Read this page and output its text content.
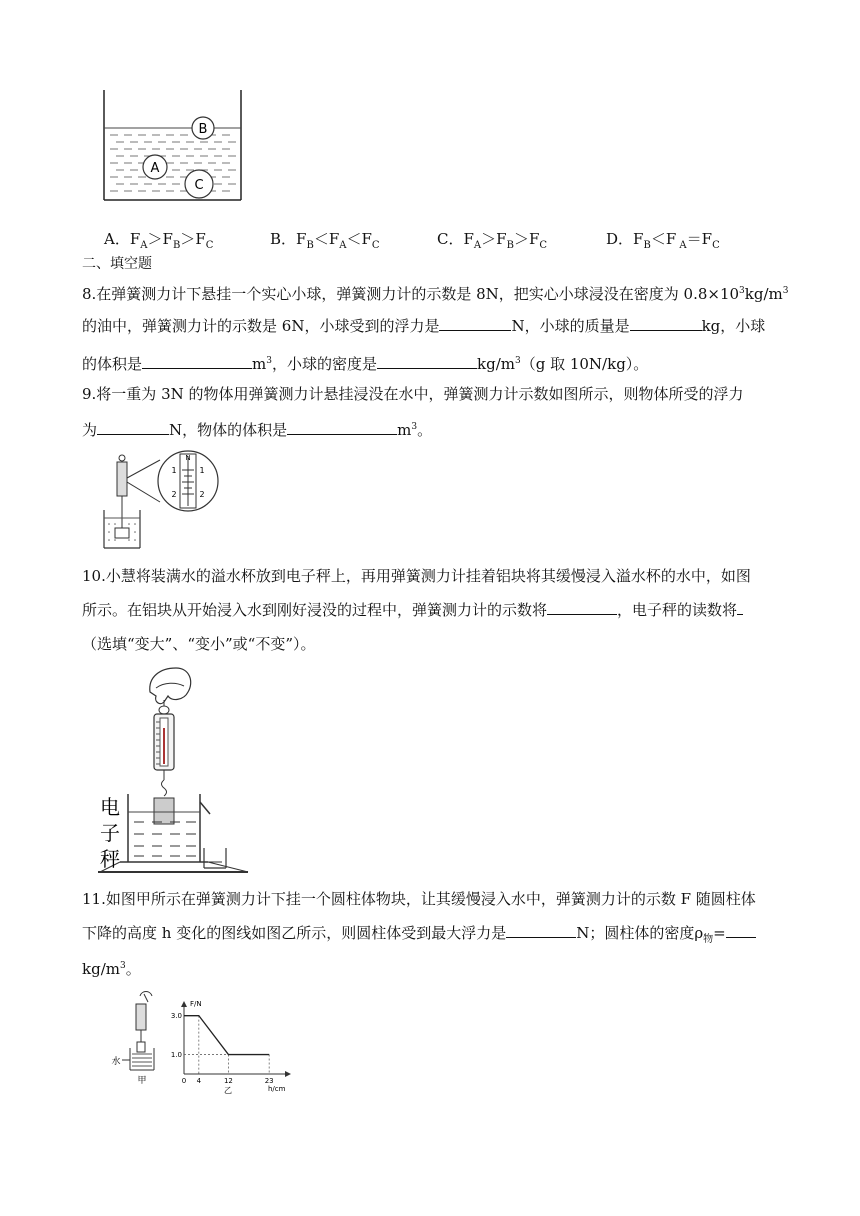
B
A
C
A．$F_A>F_B>F_C$	B．$F_B<F_A<F_C$	C．$F_A>F_B>F_C$	D．$F_B<F$ $_A=F_C$
二、填空题
8.在弹簧测力计下悬挂一个实心小球，弹簧测力计的示数是 8N，把实心小球浸没在密度为 $0.8\times 10^3kg/m^3$
的油中，弹簧测力计的示数是 6N，小球受到的浮力是	N，小球的质量是	kg，小球
的体积是	$m^3$，小球的密度是	$kg/m^3(g$ 取 10N/kg）。
9.将一重为 3N 的物体用弹簧测力计悬挂浸没在水中，弹簧测力计示数如图所示，则物体所受的浮力
为	N，物体的体积是	$m^3$。
N
1	1
2	2
10.小慧将装满水的溢水杯放到电子秤上，再用弹簧测力计挂着铝块将其缓慢浸入溢水杯的水中，如图
所示。在铝块从开始浸入水到刚好浸没的过程中，弹簧测力计的示数将	，电子秤的读数将
（选填“变大”、“变小”或“不变”）。
电
子
秤
11.如图甲所示在弹簧测力计下挂一个圆柱体物块，让其缓慢浸入水中，弹簧测力计的示数 F 随圆柱体
下降的高度 h 变化的图线如图乙所示，则圆柱体受到最大浮力是	N；圆柱体的密度$\rho_物=$
$kg/m^3$。
水
甲
F/N
h/cm
乙
0 4	12	23
3.0
1.0
